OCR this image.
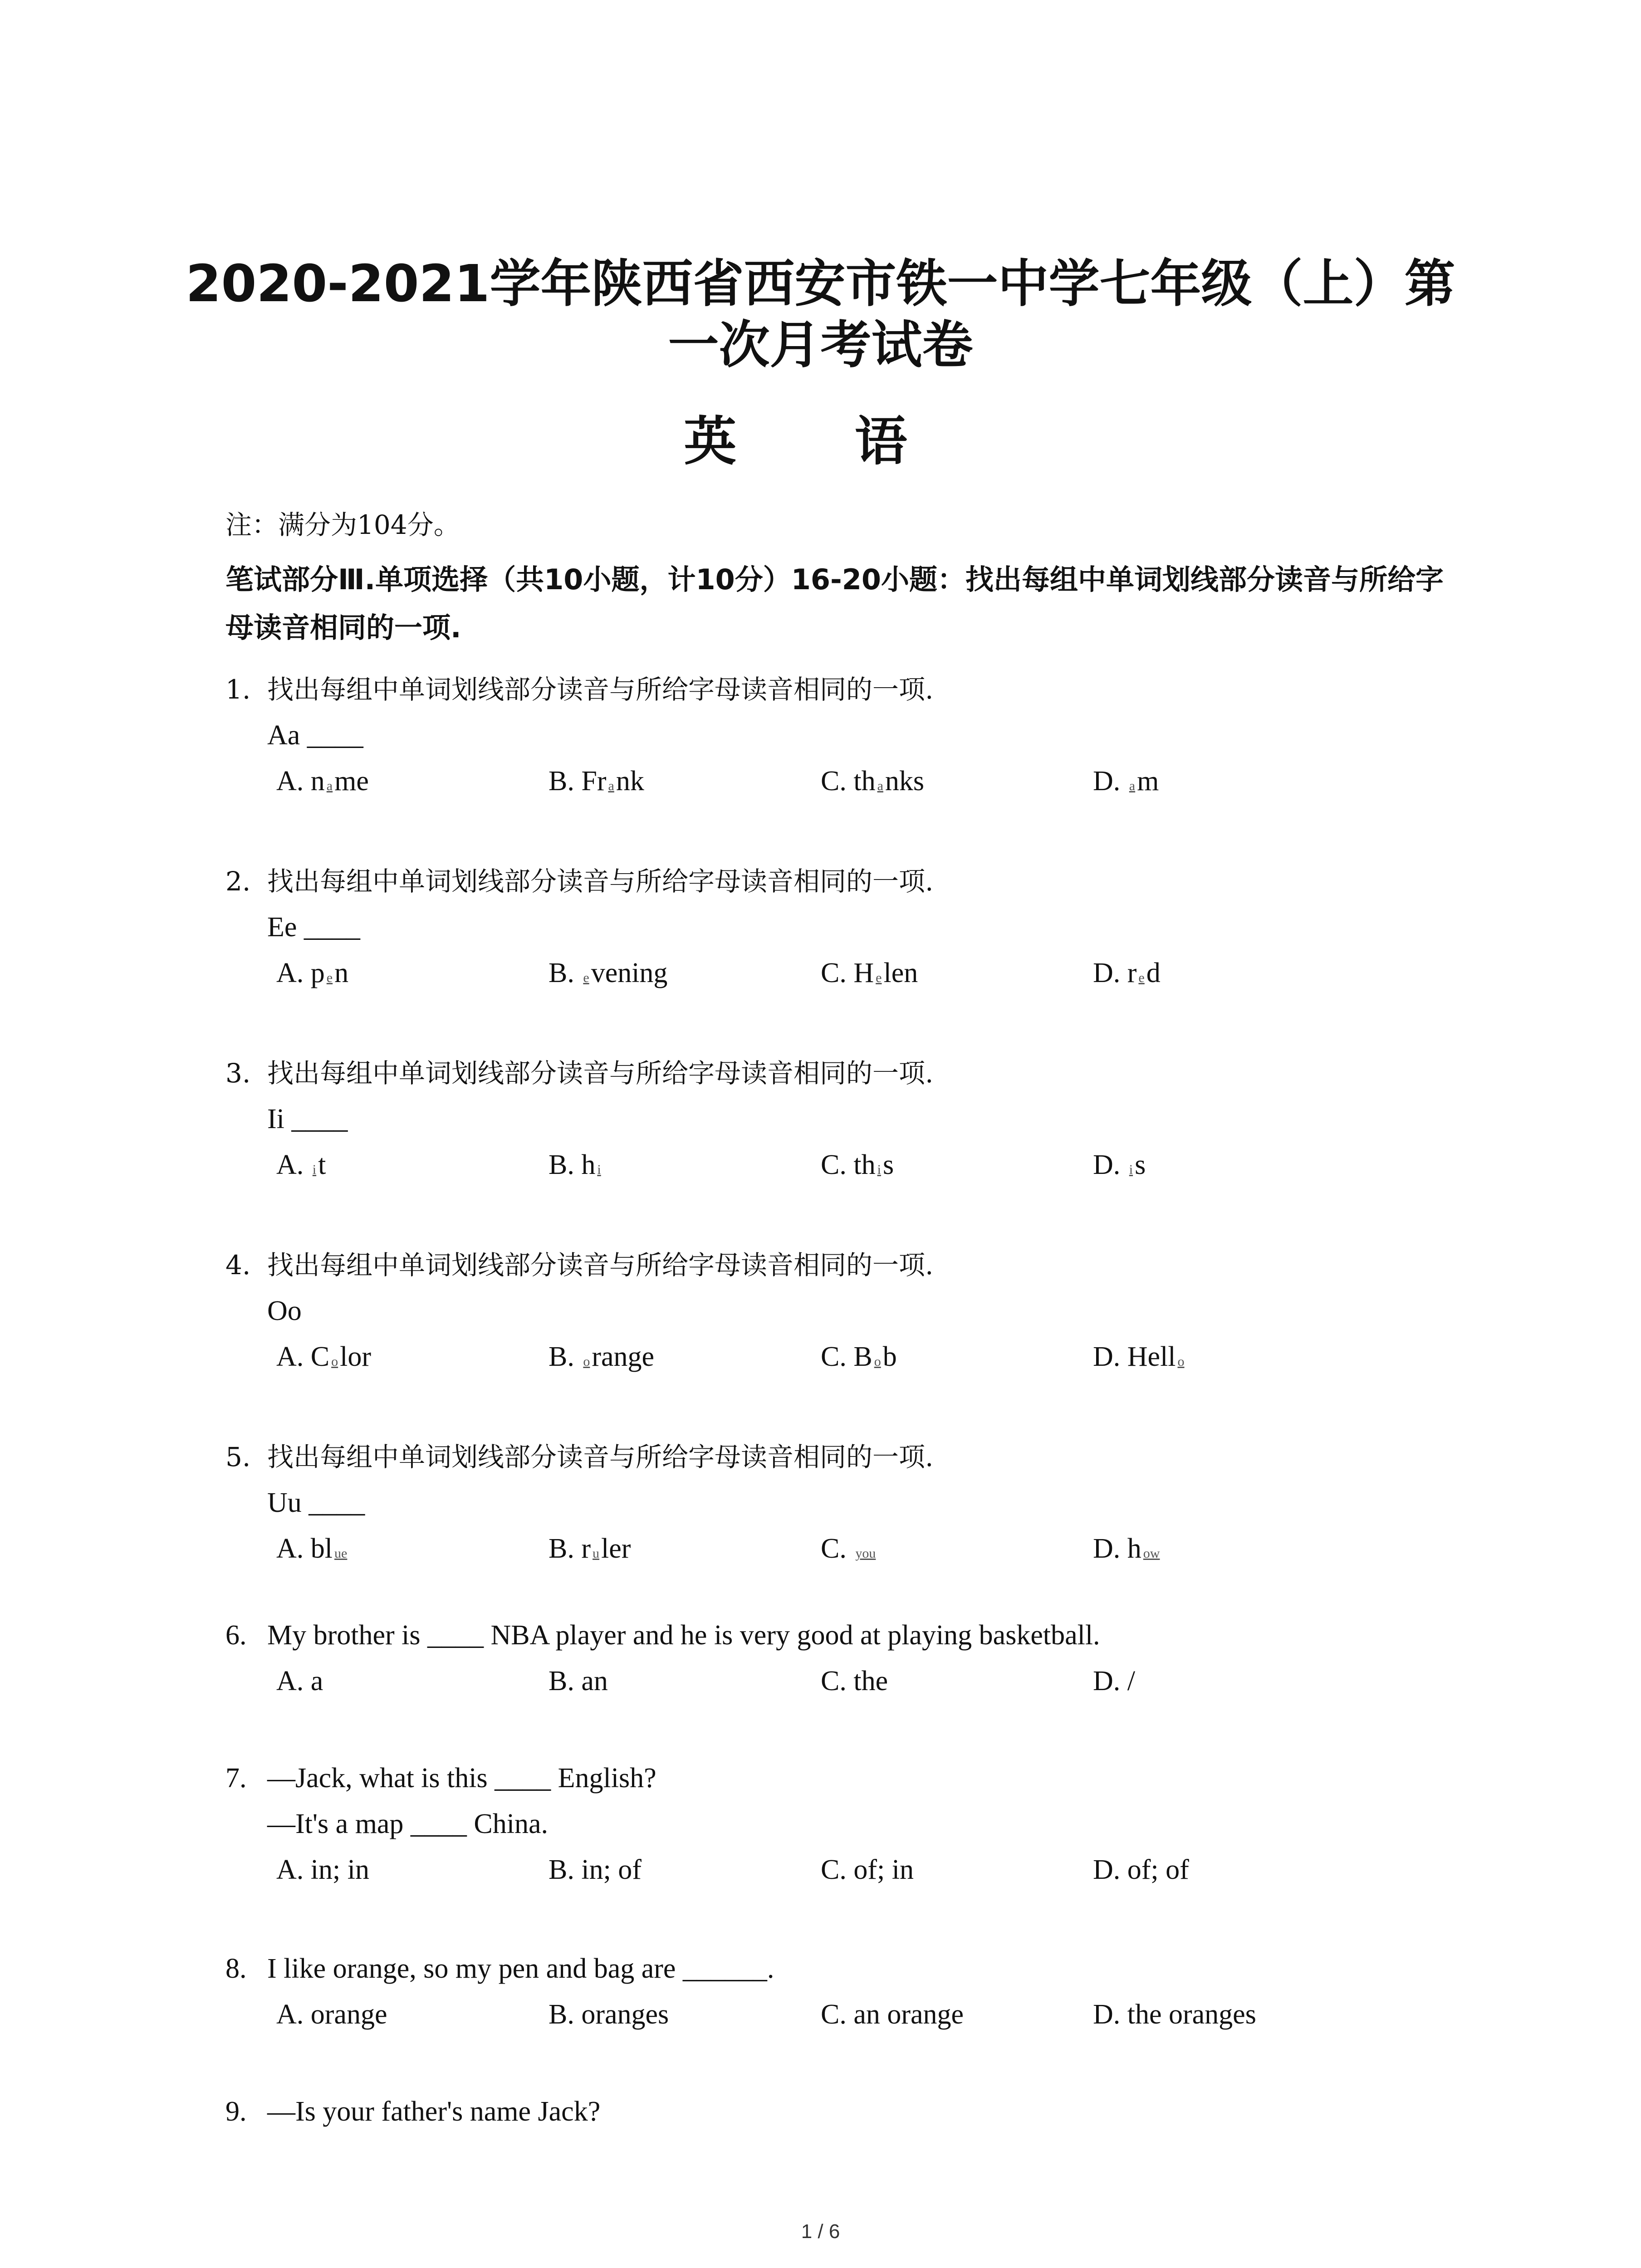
2020-2021学年陕西省西安市铁一中学七年级（上）第
一次月考试卷
英 语
注：满分为104分。
笔试部分Ⅲ.单项选择（共10小题，计10分）16-20小题：找出每组中单词划线部分读音与所给字母读音相同的一项.
1. 找出每组中单词划线部分读音与所给字母读音相同的一项.
Aa ____
A. n ame	B. Fr ank	C. th anks	D. am
2. 找出每组中单词划线部分读音与所给字母读音相同的一项.
Ee ____
A. p en	B. evening	C. H elen	D. r ed
3. 找出每组中单词划线部分读音与所给字母读音相同的一项.
Ii ____
A. it	B. h i	C. th is	D. is
4. 找出每组中单词划线部分读音与所给字母读音相同的一项.
Oo
A. C olor	B. orange	C. B ob	D. Hell o
5. 找出每组中单词划线部分读音与所给字母读音相同的一项.
Uu ____
A. bl ue	B. r uler	C. you	D. h ow
6. My brother is ____ NBA player and he is very good at playing basketball.
A. a	B. an	C. the	D. /
7. —Jack, what is this ____ English?
—It's a map ____ China.
A. in; in	B. in; of	C. of; in	D. of; of
8. I like orange, so my pen and bag are ______.
A. orange	B. oranges	C. an orange	D. the oranges
9. —Is your father's name Jack?
1 / 6
